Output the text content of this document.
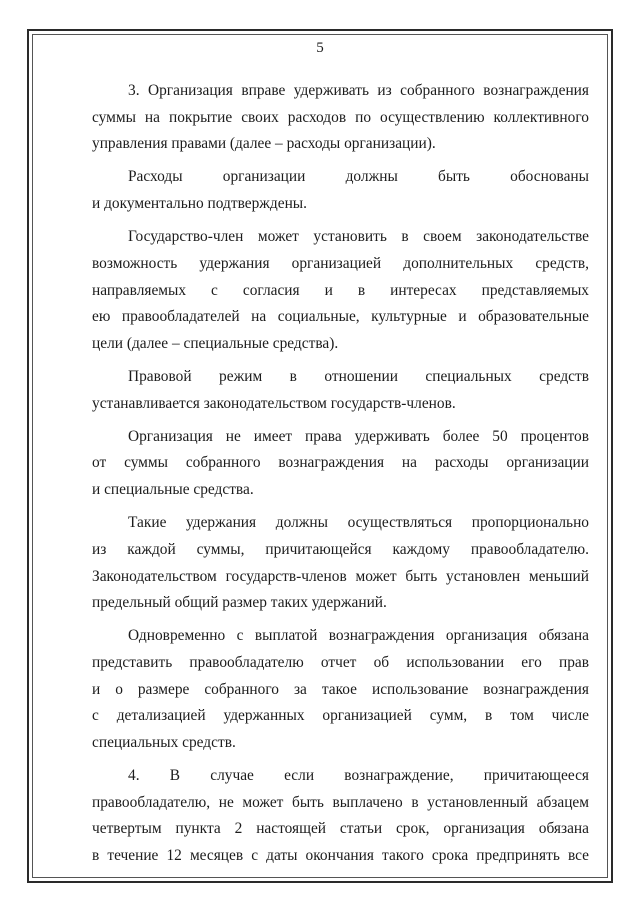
5

3. Организация вправе удерживать из собранного вознаграждения
суммы на покрытие своих расходов по осуществлению коллективного
управления правами (далее – расходы организации).

Расходы организации должны быть обоснованы
и документально подтверждены.

Государство-член может установить в своем законодательстве
возможность удержания организацией дополнительных средств,
направляемых с согласия и в интересах представляемых
ею правообладателей на социальные, культурные и образовательные
цели (далее – специальные средства).

Правовой режим в отношении специальных средств
устанавливается законодательством государств-членов.

Организация не имеет права удерживать более 50 процентов
от суммы собранного вознаграждения на расходы организации
и специальные средства.

Такие удержания должны осуществляться пропорционально
из каждой суммы, причитающейся каждому правообладателю.
Законодательством государств-членов может быть установлен меньший
предельный общий размер таких удержаний.

Одновременно с выплатой вознаграждения организация обязана
представить правообладателю отчет об использовании его прав
и о размере собранного за такое использование вознаграждения
с детализацией удержанных организацией сумм, в том числе
специальных средств.

4. В случае если вознаграждение, причитающееся
правообладателю, не может быть выплачено в установленный абзацем
четвертым пункта 2 настоящей статьи срок, организация обязана
в течение 12 месяцев с даты окончания такого срока предпринять все
